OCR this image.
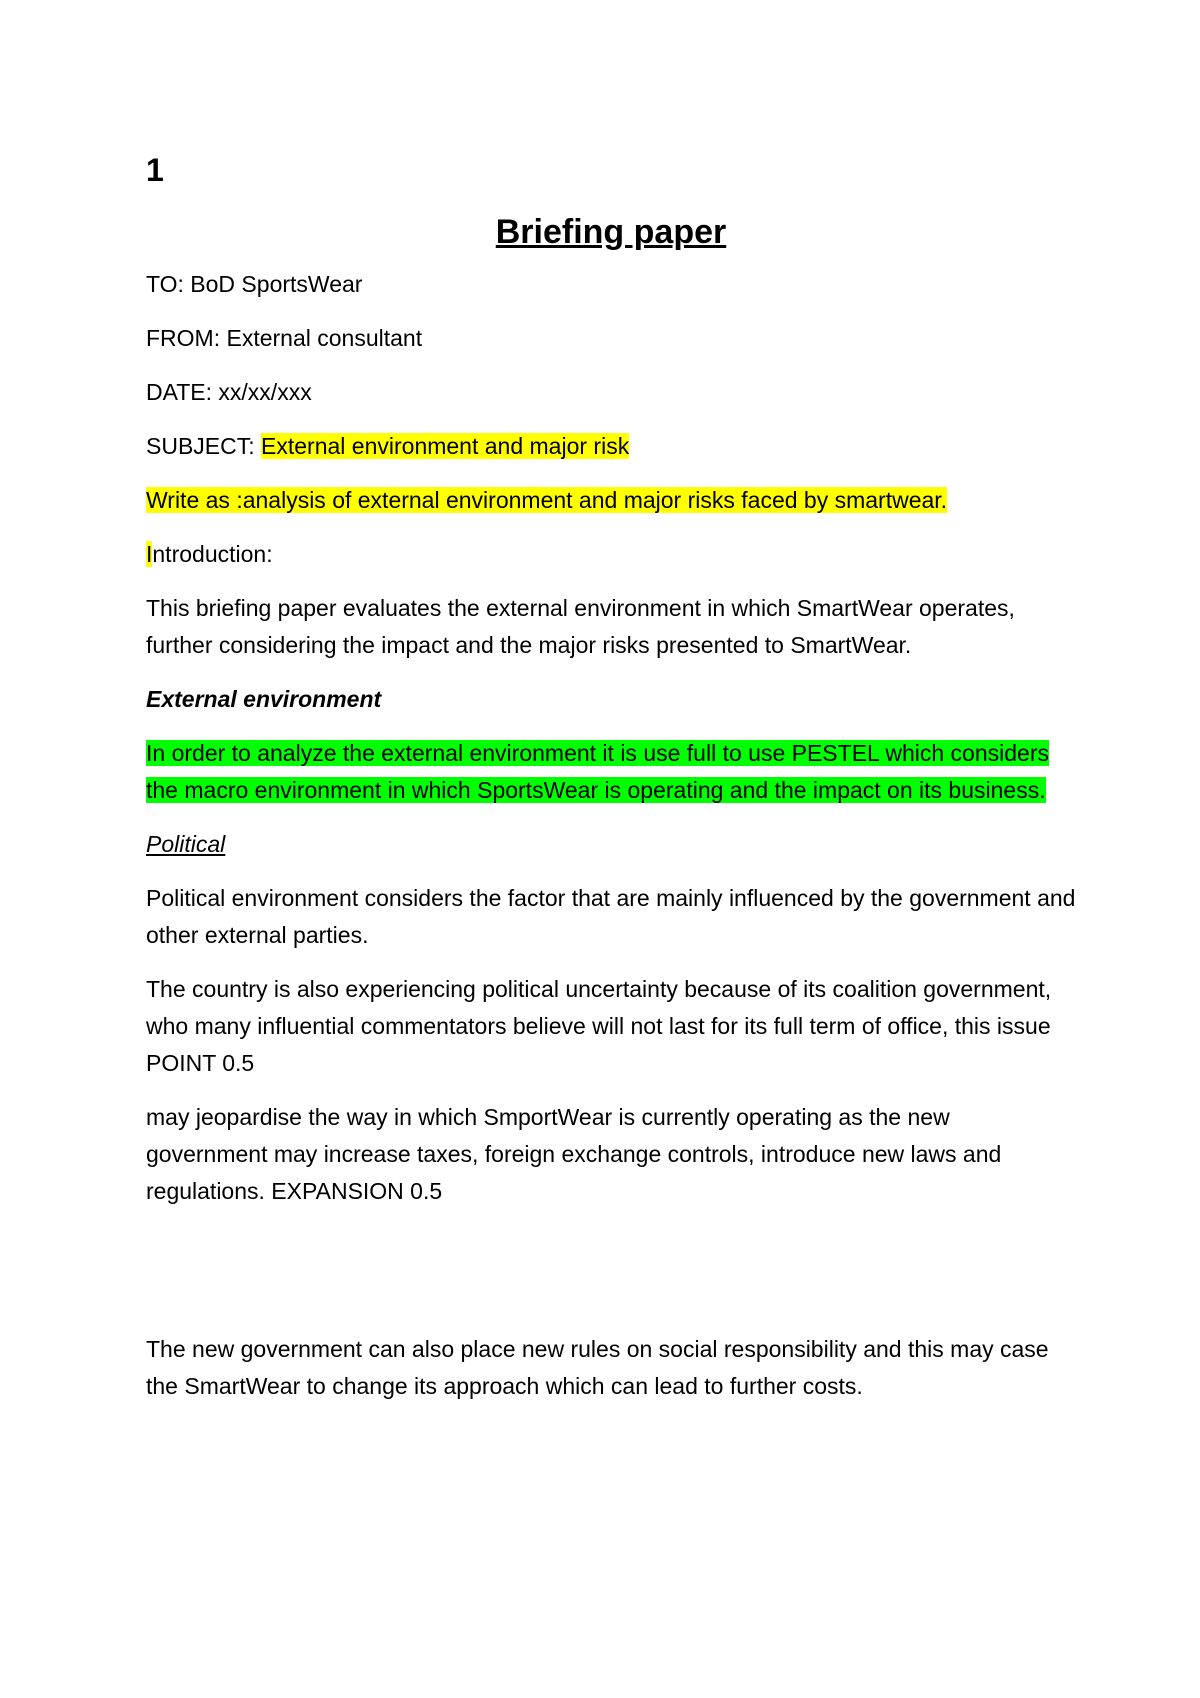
1
Briefing paper

TO: BoD SportsWear

FROM: External consultant

DATE: xx/xx/xxx

SUBJECT: External environment and major risk

Write as :analysis of external environment and major risks faced by smartwear.

Introduction:

This briefing paper evaluates the external environment in which SmartWear operates, further considering the impact and the major risks presented to SmartWear.

External environment

In order to analyze the external environment it is use full to use PESTEL which considers the macro environment in which SportsWear is operating and the impact on its business.

Political

Political environment considers the factor that are mainly influenced by the government and other external parties.

The country is also experiencing political uncertainty because of its coalition government, who many influential commentators believe will not last for its full term of office, this issue POINT 0.5

may jeopardise the way in which SmportWear is currently operating as the new government may increase taxes, foreign exchange controls, introduce new laws and regulations. EXPANSION 0.5

The new government can also place new rules on social responsibility and this may case the SmartWear to change its approach which can lead to further costs.
